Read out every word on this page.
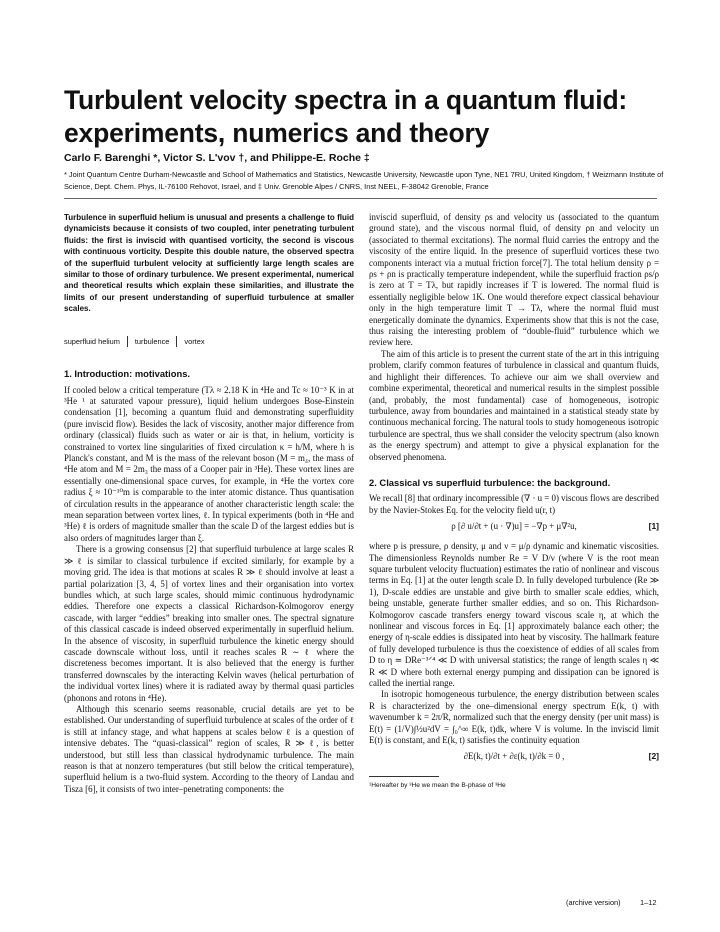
Turbulent velocity spectra in a quantum fluid: experiments, numerics and theory
Carlo F. Barenghi *, Victor S. L'vov †, and Philippe-E. Roche ‡
* Joint Quantum Centre Durham-Newcastle and School of Mathematics and Statistics, Newcastle University, Newcastle upon Tyne, NE1 7RU, United Kingdom, † Weizmann Institute of Science, Dept. Chem. Phys, IL-76100 Rehovot, Israel, and ‡ Univ. Grenoble Alpes / CNRS, Inst NEEL, F-38042 Grenoble, France
Turbulence in superfluid helium is unusual and presents a challenge to fluid dynamicists because it consists of two coupled, inter penetrating turbulent fluids: the first is inviscid with quantised vorticity, the second is viscous with continuous vorticity. Despite this double nature, the observed spectra of the superfluid turbulent velocity at sufficiently large length scales are similar to those of ordinary turbulence. We present experimental, numerical and theoretical results which explain these similarities, and illustrate the limits of our present understanding of superfluid turbulence at smaller scales.
superfluid helium turbulence vortex
1. Introduction: motivations.

If cooled below a critical temperature (Tλ ≈ 2.18 K in ⁴He and Tc ≈ 10⁻³ K in at ³He ¹ at saturated vapour pressure), liquid helium undergoes Bose-Einstein condensation [1], becoming a quantum fluid and demonstrating superfluidity (pure inviscid flow). Besides the lack of viscosity, another major difference from ordinary (classical) fluids such as water or air is that, in helium, vorticity is constrained to vortex line singularities of fixed circulation κ = h/M, where h is Planck's constant, and M is the mass of the relevant boson (M = m₄, the mass of ⁴He atom and M = 2m₃ the mass of a Cooper pair in ³He). These vortex lines are essentially one-dimensional space curves, for example, in ⁴He the vortex core radius ξ ≈ 10⁻¹⁰m is comparable to the inter atomic distance. Thus quantisation of circulation results in the appearance of another characteristic length scale: the mean separation between vortex lines, ℓ. In typical experiments (both in ⁴He and ³He) ℓ is orders of magnitude smaller than the scale D of the largest eddies but is also orders of magnitudes larger than ξ.

There is a growing consensus [2] that superfluid turbulence at large scales R ≫ ℓ is similar to classical turbulence if excited similarly, for example by a moving grid. The idea is that motions at scales R ≫ ℓ should involve at least a partial polarization [3, 4, 5] of vortex lines and their organisation into vortex bundles which, at such large scales, should mimic continuous hydrodynamic eddies. Therefore one expects a classical Richardson-Kolmogorov energy cascade, with larger “eddies” breaking into smaller ones. The spectral signature of this classical cascade is indeed observed experimentally in superfluid helium. In the absence of viscosity, in superfluid turbulence the kinetic energy should cascade downscale without loss, until it reaches scales R ∼ ℓ where the discreteness becomes important. It is also believed that the energy is further transferred downscales by the interacting Kelvin waves (helical perturbation of the individual vortex lines) where it is radiated away by thermal quasi particles (phonons and rotons in ⁴He).

Although this scenario seems reasonable, crucial details are yet to be established. Our understanding of superfluid turbulence at scales of the order of ℓ is still at infancy stage, and what happens at scales below ℓ is a question of intensive debates. The “quasi-classical” region of scales, R ≫ ℓ, is better understood, but still less than classical hydrodynamic turbulence. The main reason is that at nonzero temperatures (but still below the critical temperature), superfluid helium is a two-fluid system. According to the theory of Landau and Tisza [6], it consists of two inter–penetrating components: the

inviscid superfluid, of density ρs and velocity us (associated to the quantum ground state), and the viscous normal fluid, of density ρn and velocity un (associated to thermal excitations). The normal fluid carries the entropy and the viscosity of the entire liquid. In the presence of superfluid vortices these two components interact via a mutual friction force[7]. The total helium density ρ = ρs + ρn is practically temperature independent, while the superfluid fraction ρs/ρ is zero at T = Tλ, but rapidly increases if T is lowered. The normal fluid is essentially negligible below 1K. One would therefore expect classical behaviour only in the high temperature limit T → Tλ, where the normal fluid must energetically dominate the dynamics. Experiments show that this is not the case, thus raising the interesting problem of “double-fluid” turbulence which we review here.

The aim of this article is to present the current state of the art in this intriguing problem, clarify common features of turbulence in classical and quantum fluids, and highlight their differences. To achieve our aim we shall overview and combine experimental, theoretical and numerical results in the simplest possible (and, probably, the most fundamental) case of homogeneous, isotropic turbulence, away from boundaries and maintained in a statistical steady state by continuous mechanical forcing. The natural tools to study homogeneous isotropic turbulence are spectral, thus we shall consider the velocity spectrum (also known as the energy spectrum) and attempt to give a physical explanation for the observed phenomena.

2. Classical vs superfluid turbulence: the background.

We recall [8] that ordinary incompressible (∇ · u = 0) viscous flows are described by the Navier-Stokes Eq. for the velocity field u(r, t)

ρ [∂ u/∂t + (u · ∇)u] = −∇p + μ∇²u,	[1]

where p is pressure, ρ density, μ and ν = μ/ρ dynamic and kinematic viscosities. The dimensionless Reynolds number Re = V D/ν (where V is the root mean square turbulent velocity fluctuation) estimates the ratio of nonlinear and viscous terms in Eq. [1] at the outer length scale D. In fully developed turbulence (Re ≫ 1), D-scale eddies are unstable and give birth to smaller scale eddies, which, being unstable, generate further smaller eddies, and so on. This Richardson-Kolmogorov cascade transfers energy toward viscous scale η, at which the nonlinear and viscous forces in Eq. [1] approximately balance each other; the energy of η-scale eddies is dissipated into heat by viscosity. The hallmark feature of fully developed turbulence is thus the coexistence of eddies of all scales from D to η ≃ DRe⁻³ᐟ⁴ ≪ D with universal statistics; the range of length scales η ≪ R ≪ D where both external energy pumping and dissipation can be ignored is called the inertial range.

In isotropic homogeneous turbulence, the energy distribution between scales R is characterized by the one–dimensional energy spectrum E(k, t) with wavenumber k = 2π/R, normalized such that the energy density (per unit mass) is E(t) = (1/V)∫½u²dV = ∫₀^∞ E(k, t)dk, where V is volume. In the inviscid limit E(t) is constant, and E(k, t) satisfies the continuity equation

∂E(k, t)/∂t + ∂ε(k, t)/∂k = 0 ,	[2]
¹Hereafter by ³He we mean the B-phase of ³He
(archive version)	1–12
